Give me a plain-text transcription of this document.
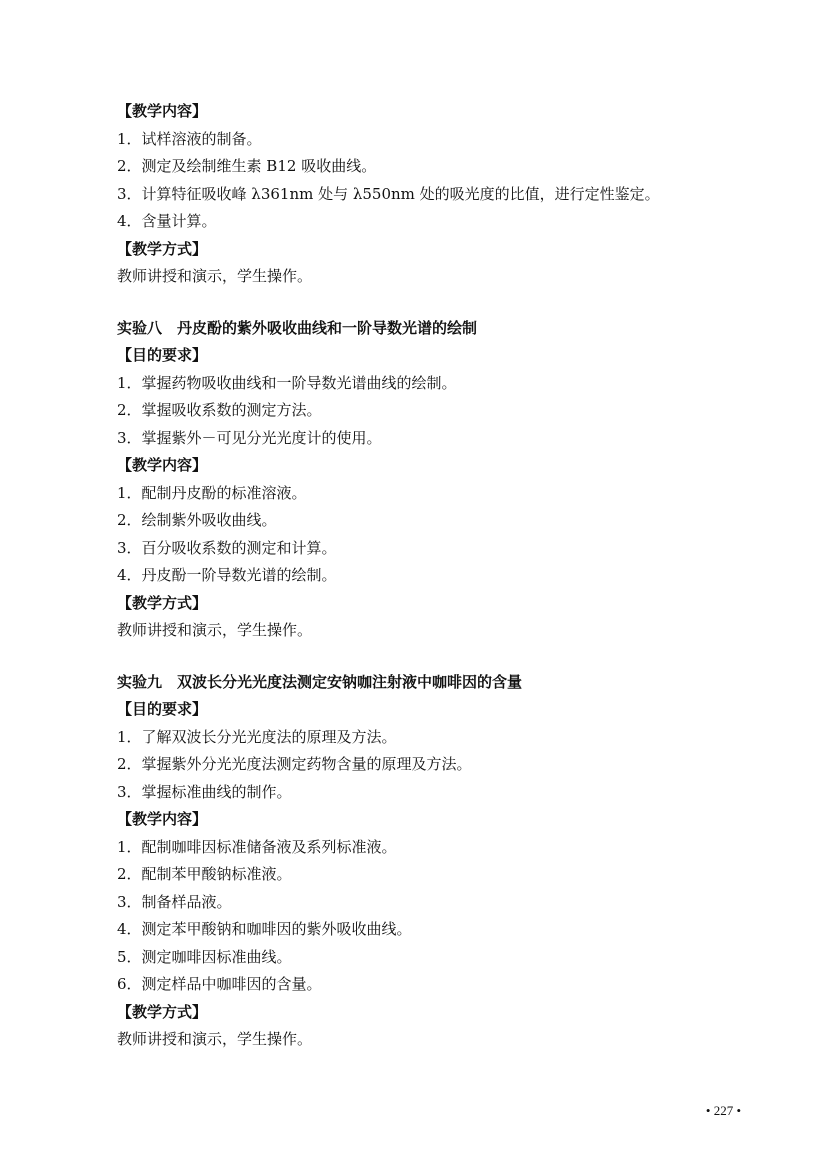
【教学内容】
1．试样溶液的制备。
2．测定及绘制维生素 B12 吸收曲线。
3．计算特征吸收峰 λ361nm 处与 λ550nm 处的吸光度的比值，进行定性鉴定。
4．含量计算。
【教学方式】
教师讲授和演示，学生操作。
实验八　丹皮酚的紫外吸收曲线和一阶导数光谱的绘制
【目的要求】
1．掌握药物吸收曲线和一阶导数光谱曲线的绘制。
2．掌握吸收系数的测定方法。
3．掌握紫外－可见分光光度计的使用。
【教学内容】
1．配制丹皮酚的标准溶液。
2．绘制紫外吸收曲线。
3．百分吸收系数的测定和计算。
4．丹皮酚一阶导数光谱的绘制。
【教学方式】
教师讲授和演示，学生操作。
实验九　双波长分光光度法测定安钠咖注射液中咖啡因的含量
【目的要求】
1．了解双波长分光光度法的原理及方法。
2．掌握紫外分光光度法测定药物含量的原理及方法。
3．掌握标准曲线的制作。
【教学内容】
1．配制咖啡因标准储备液及系列标准液。
2．配制苯甲酸钠标准液。
3．制备样品液。
4．测定苯甲酸钠和咖啡因的紫外吸收曲线。
5．测定咖啡因标准曲线。
6．测定样品中咖啡因的含量。
【教学方式】
教师讲授和演示，学生操作。
• 227 •
